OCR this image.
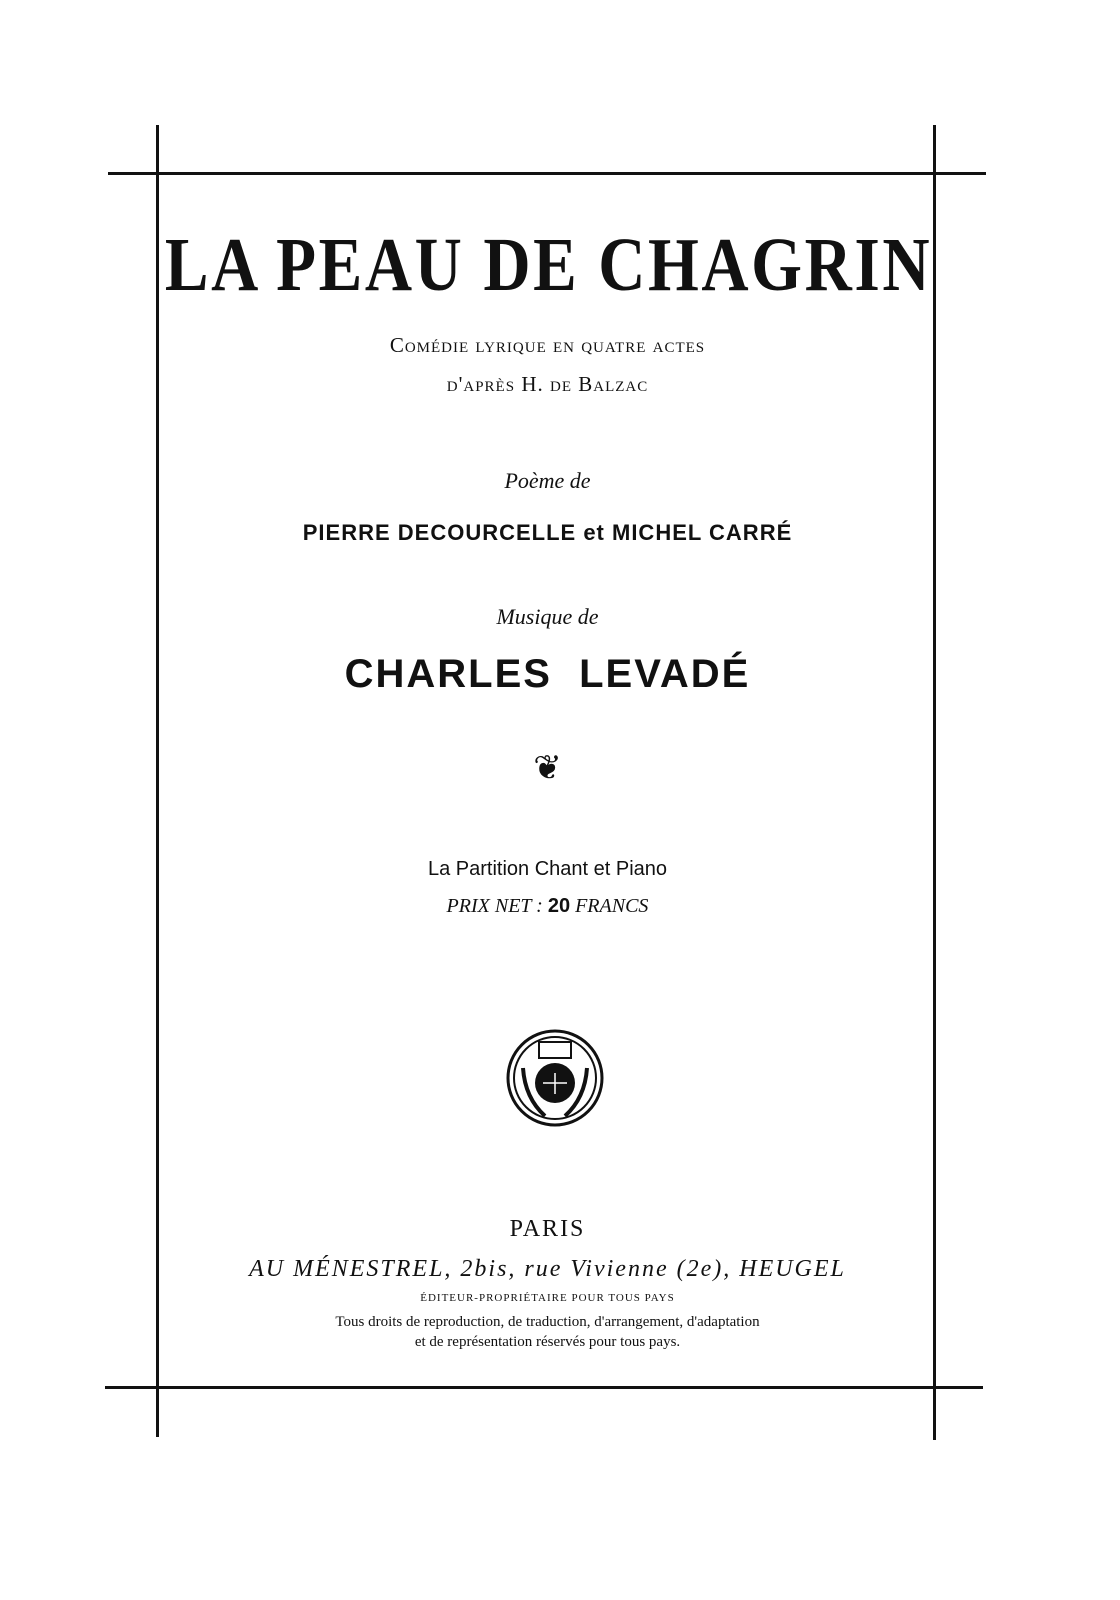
LA PEAU DE CHAGRIN
Comédie lyrique en quatre actes
d'après H. de Balzac
Poème de
PIERRE DECOURCELLE et MICHEL CARRÉ
Musique de
CHARLES LEVADÉ
❦
La Partition Chant et Piano
PRIX NET : 20 FRANCS
PARIS
AU MÉNESTREL, 2bis, rue Vivienne (2e), HEUGEL
ÉDITEUR-PROPRIÉTAIRE POUR TOUS PAYS
Tous droits de reproduction, de traduction, d'arrangement, d'adaptation
et de représentation réservés pour tous pays.
